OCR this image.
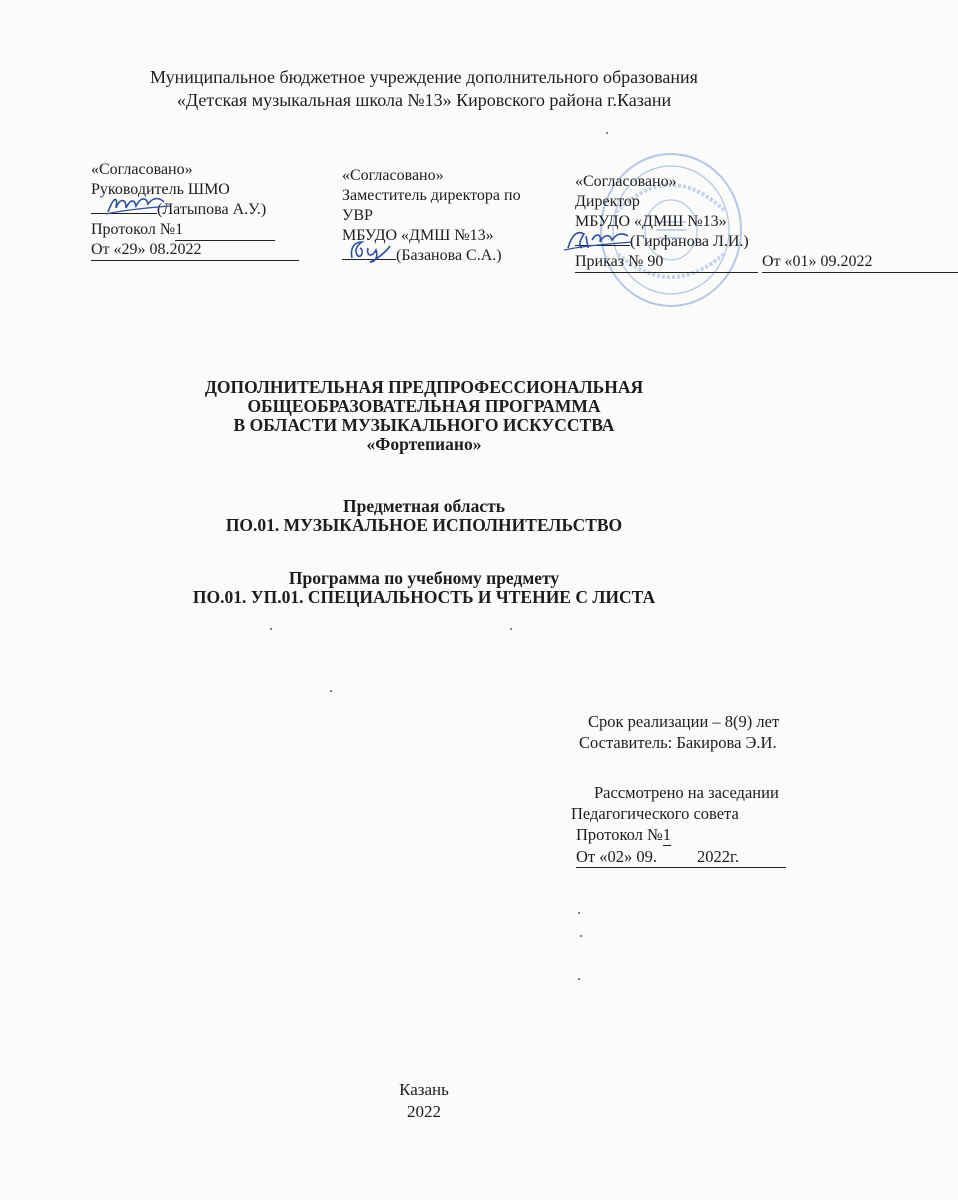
Муниципальное бюджетное учреждение дополнительного образования
«Детская музыкальная школа №13» Кировского района г.Казани
«Согласовано»
Руководитель ШМО
(Латыпова А.У.)
Протокол №1
От «29» 08.2022
«Согласовано»
Заместитель директора по
УВР
МБУДО «ДМШ №13»
(Базанова С.А.)
«Согласовано»
Директор
МБУДО «ДМШ №13»
(Гирфанова Л.И.)
Приказ № 90	От «01» 09.2022
ДОПОЛНИТЕЛЬНАЯ ПРЕДПРОФЕССИОНАЛЬНАЯ
ОБЩЕОБРАЗОВАТЕЛЬНАЯ ПРОГРАММА
В ОБЛАСТИ МУЗЫКАЛЬНОГО ИСКУССТВА
«Фортепиано»
Предметная область
ПО.01. МУЗЫКАЛЬНОЕ ИСПОЛНИТЕЛЬСТВО
Программа по учебному предмету
ПО.01. УП.01. СПЕЦИАЛЬНОСТЬ И ЧТЕНИЕ С ЛИСТА
Срок реализации – 8(9) лет
Составитель: Бакирова Э.И.
Рассмотрено на заседании
Педагогического совета
Протокол №1
От «02» 09. 2022г.
Казань
2022
